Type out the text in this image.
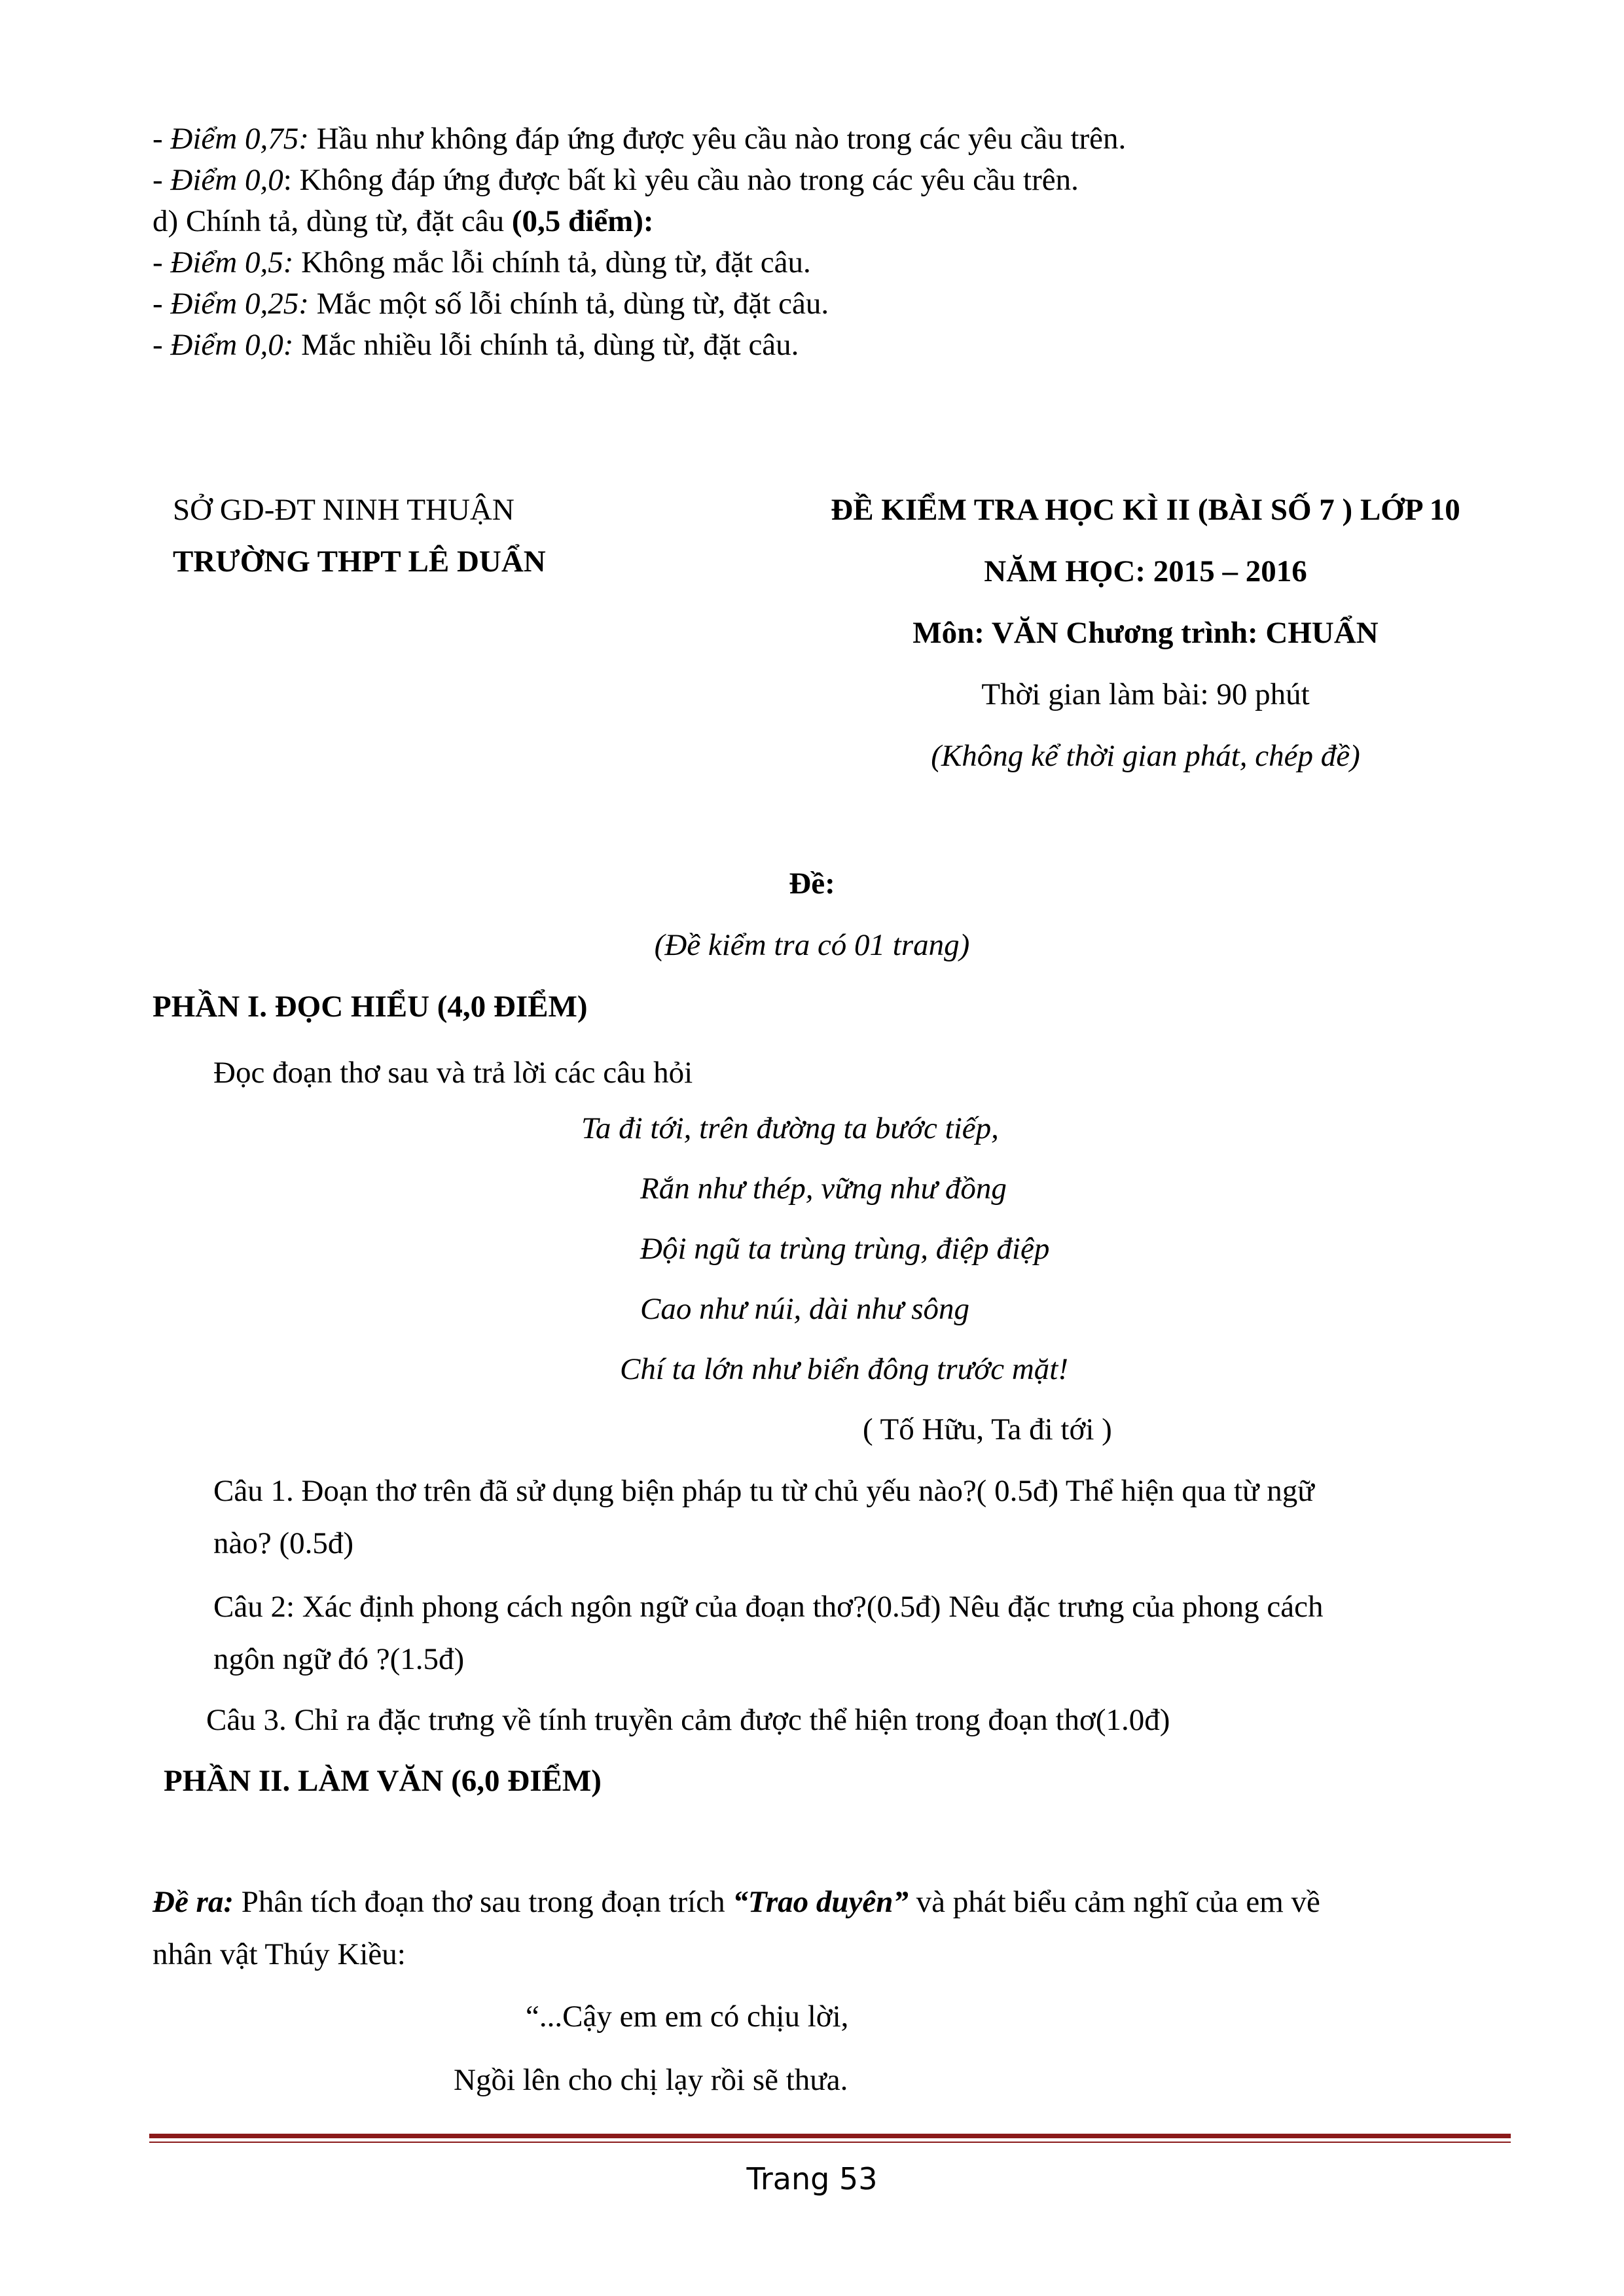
- Điểm 0,75: Hầu như không đáp ứng được yêu cầu nào trong các yêu cầu trên.
- Điểm 0,0: Không đáp ứng được bất kì yêu cầu nào trong các yêu cầu trên.
d) Chính tả, dùng từ, đặt câu (0,5 điểm):
- Điểm 0,5: Không mắc lỗi chính tả, dùng từ, đặt câu.
- Điểm 0,25: Mắc một số lỗi chính tả, dùng từ, đặt câu.
- Điểm 0,0: Mắc nhiều lỗi chính tả, dùng từ, đặt câu.
SỞ GD-ĐT NINH THUẬN
TRƯỜNG THPT LÊ DUẨN
ĐỀ KIỂM TRA HỌC KÌ II (BÀI SỐ 7 ) LỚP 10
NĂM HỌC: 2015 – 2016
Môn: VĂN Chương trình: CHUẨN
Thời gian làm bài: 90 phút
(Không kể thời gian phát, chép đề)
Đề:
(Đề kiểm tra có 01 trang)
PHẦN I. ĐỌC HIỂU (4,0 ĐIỂM)
Đọc đoạn thơ sau và trả lời các câu hỏi
Ta đi tới, trên đường ta bước tiếp,
Rắn như thép, vững như đồng
Đội ngũ ta trùng trùng, điệp điệp
Cao như núi, dài như sông
Chí ta lớn như biển đông trước mặt!
( Tố Hữu, Ta đi tới )
Câu 1. Đoạn thơ trên đã sử dụng biện pháp tu từ chủ yếu nào?( 0.5đ) Thể hiện qua từ ngữ
nào? (0.5đ)
Câu 2: Xác định phong cách ngôn ngữ của đoạn thơ?(0.5đ) Nêu đặc trưng của phong cách
ngôn ngữ đó ?(1.5đ)
Câu 3. Chỉ ra đặc trưng về tính truyền cảm được thể hiện trong đoạn thơ(1.0đ)
PHẦN II. LÀM VĂN (6,0 ĐIỂM)
Đề ra: Phân tích đoạn thơ sau trong đoạn trích “Trao duyên” và phát biểu cảm nghĩ của em về
nhân vật Thúy Kiều:
“...Cậy em em có chịu lời,
Ngồi lên cho chị lạy rồi sẽ thưa.
Trang 53
